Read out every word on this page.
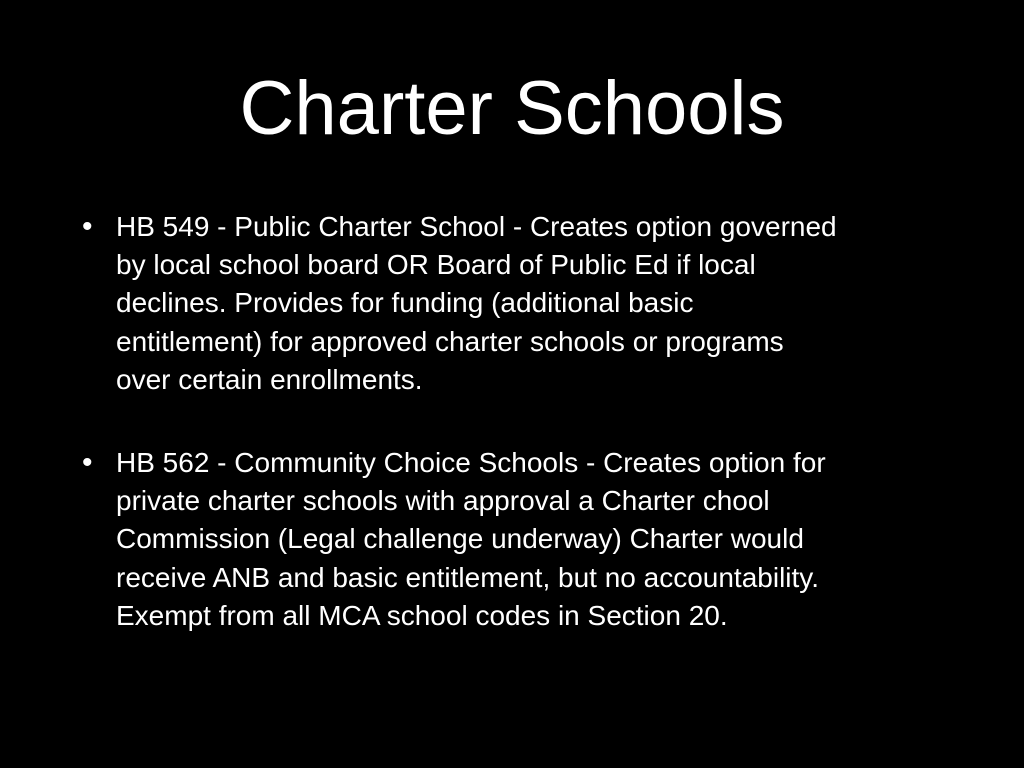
Charter Schools
• HB 549 - Public Charter School - Creates option governed
by local school board OR Board of Public Ed if local
declines. Provides for funding (additional basic
entitlement) for approved charter schools or programs
over certain enrollments.
• HB 562 - Community Choice Schools - Creates option for
private charter schools with approval a Charter chool
Commission (Legal challenge underway) Charter would
receive ANB and basic entitlement, but no accountability.
Exempt from all MCA school codes in Section 20.
